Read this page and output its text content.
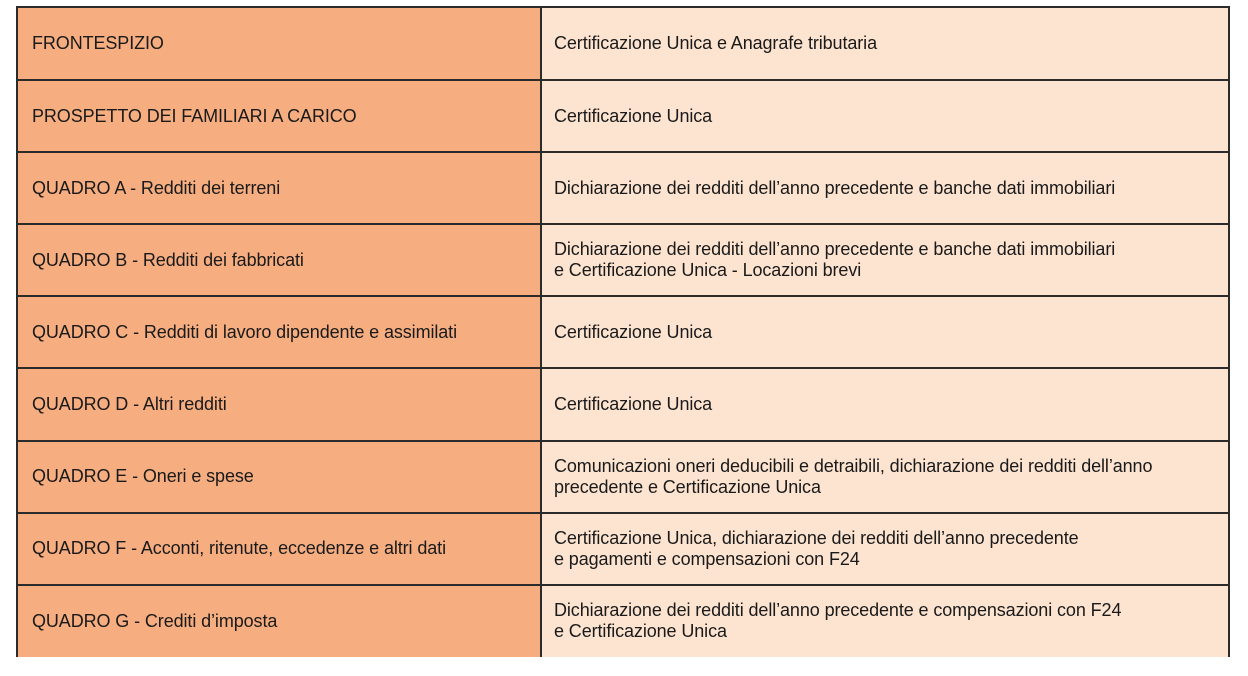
FRONTESPIZIO	Certificazione Unica e Anagrafe tributaria

PROSPETTO DEI FAMILIARI A CARICO	Certificazione Unica

QUADRO A - Redditi dei terreni	Dichiarazione dei redditi dell’anno precedente e banche dati immobiliari

QUADRO B - Redditi dei fabbricati	Dichiarazione dei redditi dell’anno precedente e banche dati immobiliari
e Certificazione Unica - Locazioni brevi

QUADRO C - Redditi di lavoro dipendente e assimilati	Certificazione Unica

QUADRO D - Altri redditi	Certificazione Unica

QUADRO E - Oneri e spese	Comunicazioni oneri deducibili e detraibili, dichiarazione dei redditi dell’anno
precedente e Certificazione Unica

QUADRO F - Acconti, ritenute, eccedenze e altri dati	Certificazione Unica, dichiarazione dei redditi dell’anno precedente
e pagamenti e compensazioni con F24

QUADRO G - Crediti d’imposta	Dichiarazione dei redditi dell’anno precedente e compensazioni con F24
e Certificazione Unica
